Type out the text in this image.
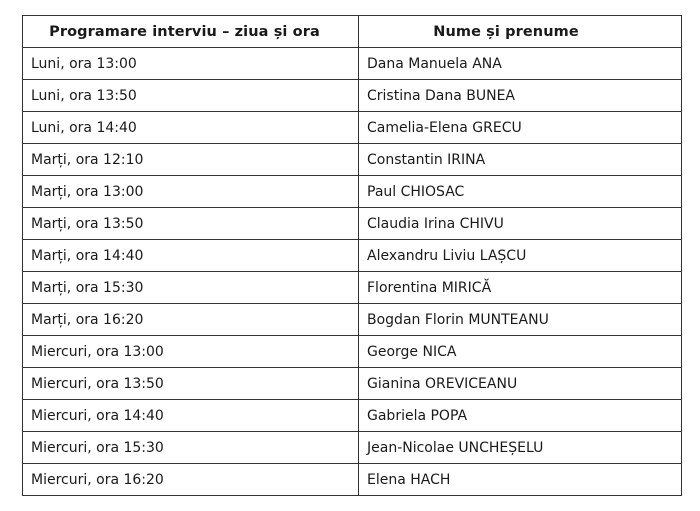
Programare interviu – ziua și ora	Nume și prenume
Luni, ora 13:00	Dana Manuela ANA
Luni, ora 13:50	Cristina Dana BUNEA
Luni, ora 14:40	Camelia-Elena GRECU
Marți, ora 12:10	Constantin IRINA
Marți, ora 13:00	Paul CHIOSAC
Marți, ora 13:50	Claudia Irina CHIVU
Marți, ora 14:40	Alexandru Liviu LAȘCU
Marți, ora 15:30	Florentina MIRICĂ
Marți, ora 16:20	Bogdan Florin MUNTEANU
Miercuri, ora 13:00	George NICA
Miercuri, ora 13:50	Gianina OREVICEANU
Miercuri, ora 14:40	Gabriela POPA
Miercuri, ora 15:30	Jean-Nicolae UNCHEȘELU
Miercuri, ora 16:20	Elena HACH
